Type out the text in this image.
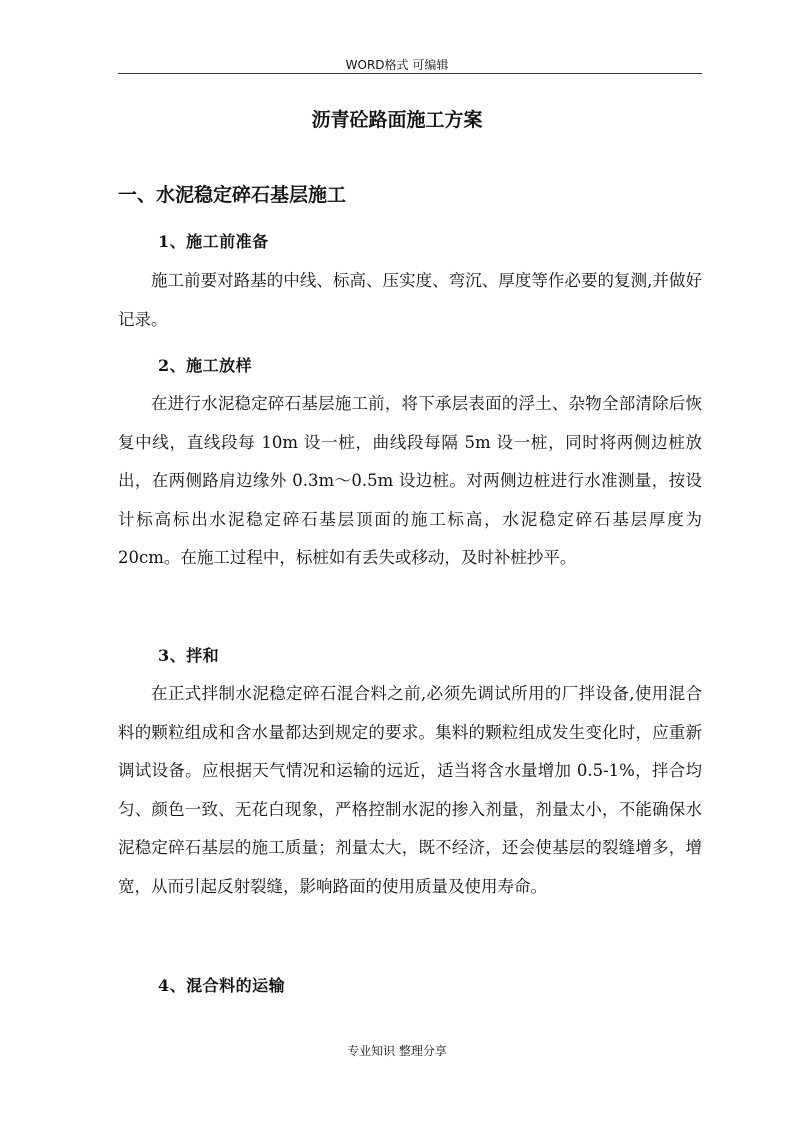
WORD格式 可编辑
沥青砼路面施工方案
一、水泥稳定碎石基层施工
1、施工前准备

施工前要对路基的中线、标高、压实度、弯沉、厚度等作必要的复测,并做好记录。

2、施工放样

在进行水泥稳定碎石基层施工前，将下承层表面的浮土、杂物全部清除后恢复中线，直线段每 10m 设一桩，曲线段每隔 5m 设一桩，同时将两侧边桩放出，在两侧路肩边缘外 0.3m～0.5m 设边桩。对两侧边桩进行水准测量，按设计标高标出水泥稳定碎石基层顶面的施工标高，水泥稳定碎石基层厚度为 20cm。在施工过程中，标桩如有丢失或移动，及时补桩抄平。

3、拌和

在正式拌制水泥稳定碎石混合料之前,必须先调试所用的厂拌设备,使用混合料的颗粒组成和含水量都达到规定的要求。集料的颗粒组成发生变化时，应重新调试设备。应根据天气情况和运输的远近，适当将含水量增加 0.5-1%，拌合均匀、颜色一致、无花白现象，严格控制水泥的掺入剂量，剂量太小，不能确保水泥稳定碎石基层的施工质量；剂量太大，既不经济，还会使基层的裂缝增多，增宽，从而引起反射裂缝，影响路面的使用质量及使用寿命。

4、混合料的运输
专业知识 整理分享
